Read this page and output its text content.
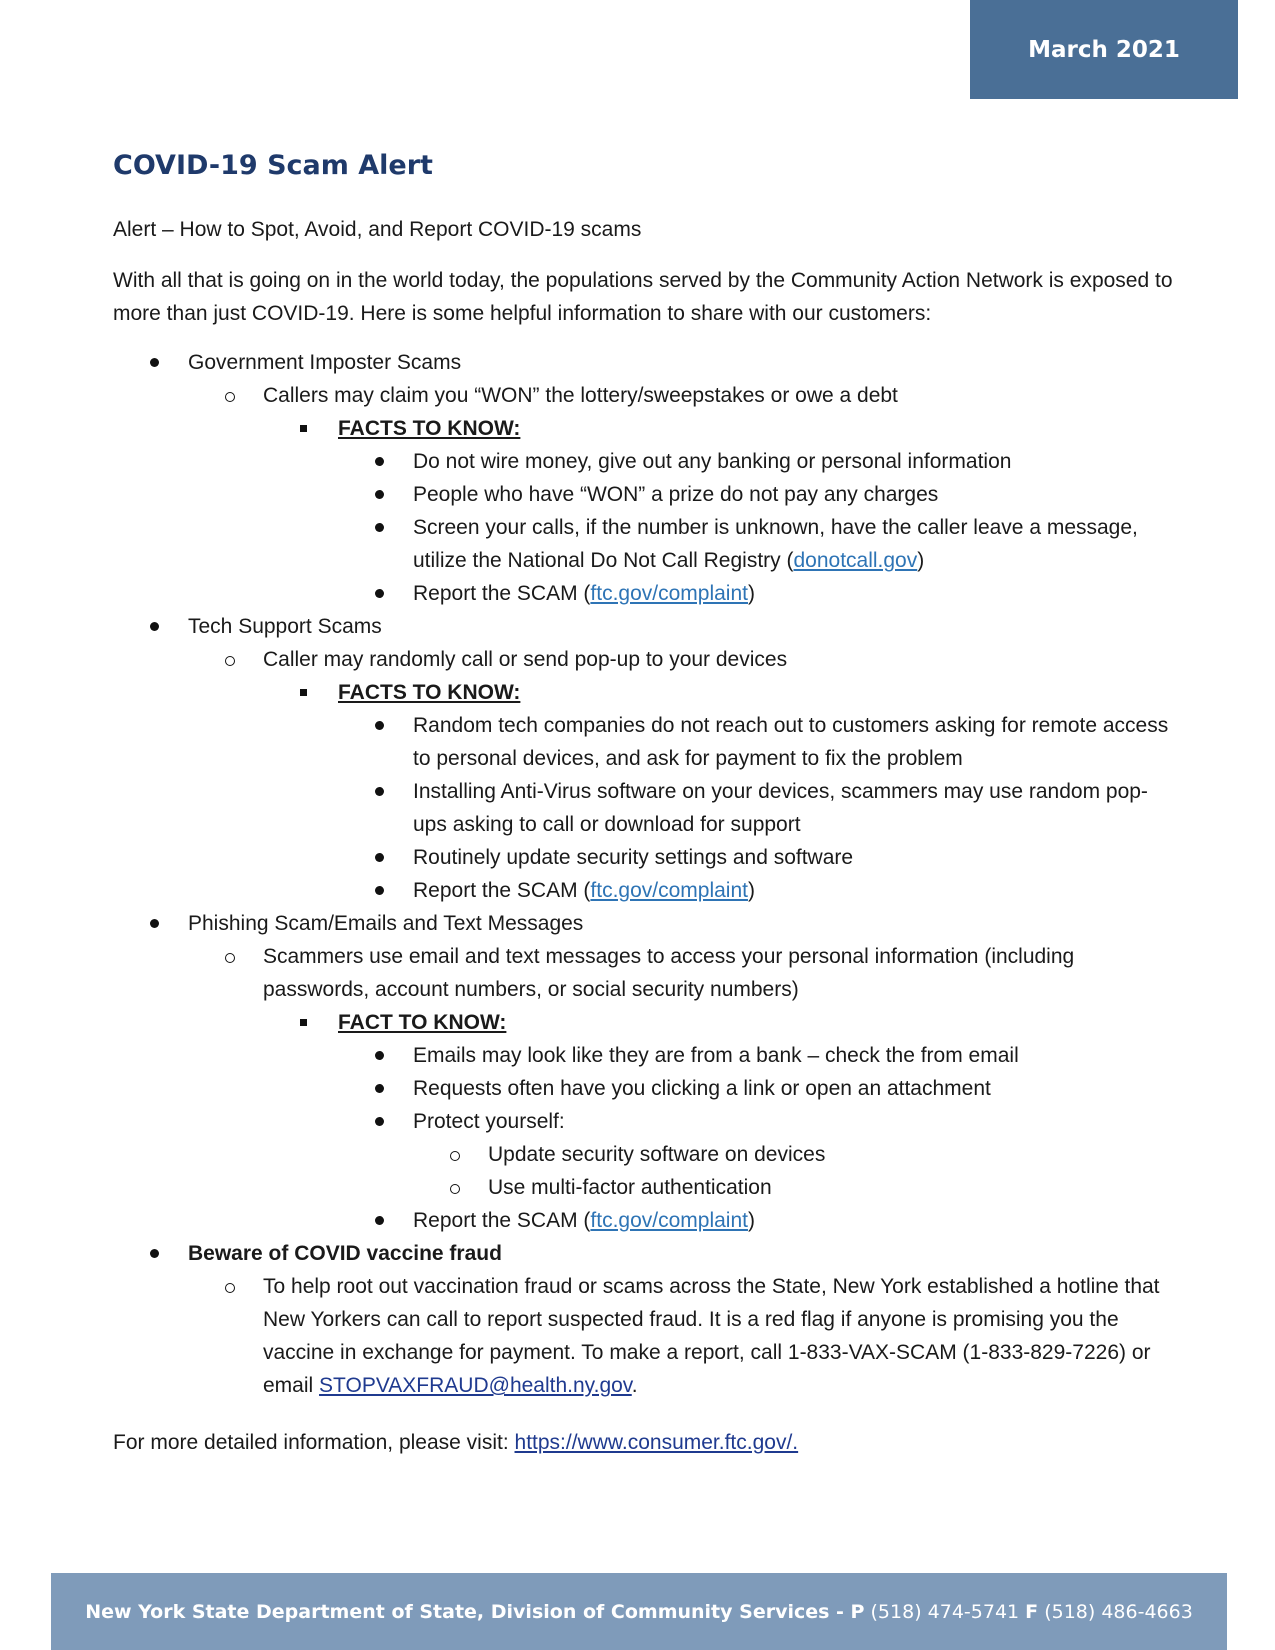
March 2021
COVID-19 Scam Alert

Alert – How to Spot, Avoid, and Report COVID-19 scams

With all that is going on in the world today, the populations served by the Community Action Network is exposed to more than just COVID-19. Here is some helpful information to share with our customers:

Government Imposter Scams
Callers may claim you “WON” the lottery/sweepstakes or owe a debt
FACTS TO KNOW:
Do not wire money, give out any banking or personal information
People who have “WON” a prize do not pay any charges
Screen your calls, if the number is unknown, have the caller leave a message, utilize the National Do Not Call Registry (donotcall.gov)
Report the SCAM (ftc.gov/complaint)
Tech Support Scams
Caller may randomly call or send pop-up to your devices
FACTS TO KNOW:
Random tech companies do not reach out to customers asking for remote access to personal devices, and ask for payment to fix the problem
Installing Anti-Virus software on your devices, scammers may use random pop-ups asking to call or download for support
Routinely update security settings and software
Report the SCAM (ftc.gov/complaint)
Phishing Scam/Emails and Text Messages
Scammers use email and text messages to access your personal information (including passwords, account numbers, or social security numbers)
FACT TO KNOW:
Emails may look like they are from a bank – check the from email
Requests often have you clicking a link or open an attachment
Protect yourself:
Update security software on devices
Use multi-factor authentication
Report the SCAM (ftc.gov/complaint)
Beware of COVID vaccine fraud
To help root out vaccination fraud or scams across the State, New York established a hotline that New Yorkers can call to report suspected fraud. It is a red flag if anyone is promising you the vaccine in exchange for payment. To make a report, call 1-833-VAX-SCAM (1-833-829-7226) or email STOPVAXFRAUD@health.ny.gov.

For more detailed information, please visit: https://www.consumer.ftc.gov/.

New York State Department of State, Division of Community Services - P (518) 474-5741 F (518) 486-4663
